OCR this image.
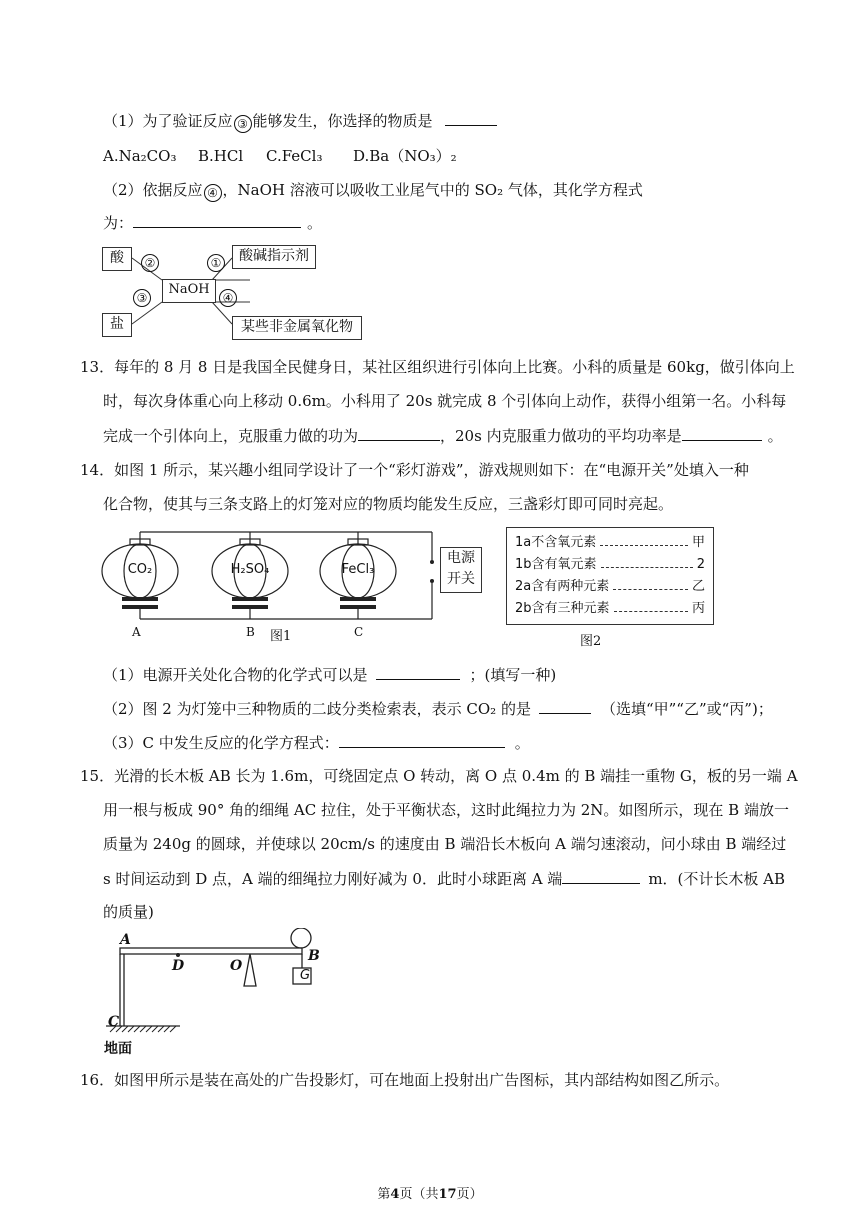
（1）为了验证反应 ③ 能够发生，你选择的物质是
A.Na₂CO₃ B.HCl C.FeCl₃ D.Ba（NO₃）₂
（2）依据反应 ④ ，NaOH 溶液可以吸收工业尾气中的 SO₂ 气体，其化学方程式
为：	。
酸
盐
NaOH
酸碱指示剂
某些非金属氧化物
②	①
③	④
13．每年的 8 月 8 日是我国全民健身日，某社区组织进行引体向上比赛。小科的质量是 60kg，做引体向上
时，每次身体重心向上移动 0.6m。小科用了 20s 就完成 8 个引体向上动作，获得小组第一名。小科每
完成一个引体向上，克服重力做的功为	，20s 内克服重力做功的平均功率是	。
14．如图 1 所示，某兴趣小组同学设计了一个“彩灯游戏”，游戏规则如下：在“电源开关”处填入一种
化合物，使其与三条支路上的灯笼对应的物质均能发生反应，三盏彩灯即可同时亮起。
CO₂	H₂SO₄	FeCl₃
A	B 图1	C
电源
开关
1a不含氧元素	甲
1b含有氧元素	2
2a含有两种元素	乙
2b含有三种元素	丙
图2
（1）电源开关处化合物的化学式可以是	；(填写一种)
（2）图 2 为灯笼中三种物质的二歧分类检索表，表示 CO₂ 的是	（选填“甲”“乙”或“丙”)；
（3）C 中发生反应的化学方程式：	。
15．光滑的长木板 AB 长为 1.6m，可绕固定点 O 转动，离 O 点 0.4m 的 B 端挂一重物 G，板的另一端 A
用一根与板成 90° 角的细绳 AC 拉住，处于平衡状态，这时此绳拉力为 2N。如图所示，现在 B 端放一
质量为 240g 的圆球，并使球以 20cm/s 的速度由 B 端沿长木板向 A 端匀速滚动，问小球由 B 端经过
s 时间运动到 D 点，A 端的细绳拉力刚好减为 0．此时小球距离 A 端	m．(不计长木板 AB
的质量)
A
D	O
B
G
C
地面
16．如图甲所示是装在高处的广告投影灯，可在地面上投射出广告图标，其内部结构如图乙所示。
第4页（共17页）
